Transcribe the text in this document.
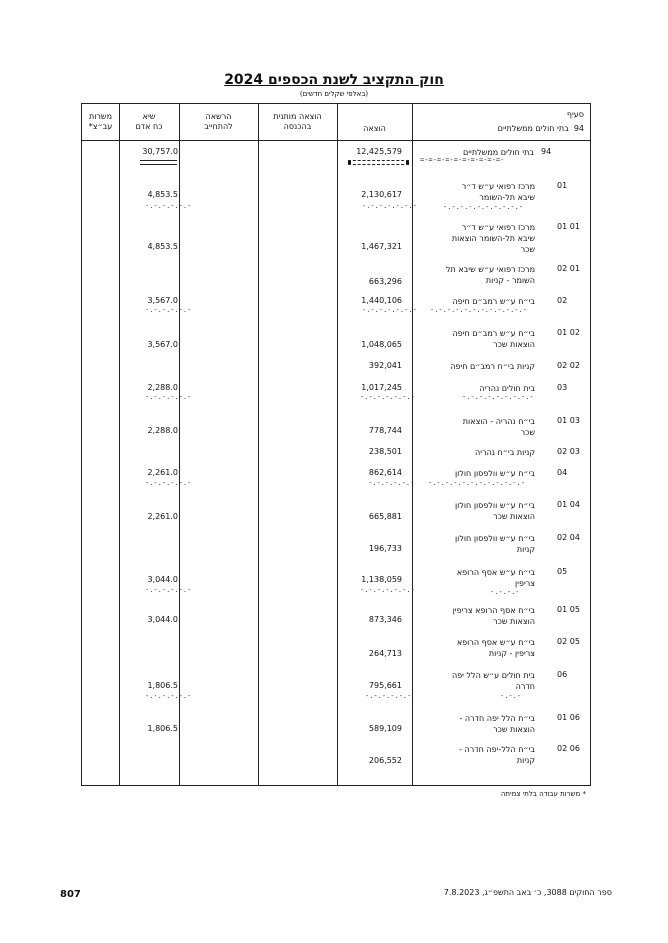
חוק התקציב לשנת הכספים 2024
(באלפי שקלים חדשים)
משרות
עב״צ*
שיא
כח אדם
הרשאה
להתחייב
הוצאה מותנית
בהכנסה	הוצאה
סעיף
94  בתי חולים ממשלתיים
94
בתי חולים ממשלתיים
=-=-=-=-=-=-=-=-=-=-
12,425,579
30,757.0
01
מרכז רפואי ע״ש ד״ר
שיבא תל-השומר
-.-.-.-.-.-.-.-.-.-
2,130,617
-.-.-.-.-.-.-
4,853.5
-.-.-.-.-.-
01 01
מרכז רפואי ע״ש ד״ר
שיבא תל-השומר הוצאות
שכר
1,467,321
4,853.5
02 01
מרכז רפואי ע״ש שיבא תל
השומר - קניות
663,296
02
בי״ח ע״ש רמב״ם חיפה
-.-.-.-.-.-.-.-.-.-.-.-
1,440,106
-.-.-.-.-.-.-
3,567.0
-.-.-.-.-.-
01 02
בי״ח ע״ש רמב״ם חיפה
הוצאות שכר
1,048,065
3,567.0
02 02
קניות בי״ח רמב״ם חיפה
392,041
03
בית חולים נהריה
-.-.-.-.-.-.-.-.-
1,017,245
-.-.-.-.-.-.-
2,288.0
-.-.-.-.-.-
01 03
בי״ח נהריה - הוצאות
שכר
778,744
2,288.0
02 03
קניות בי״ח נהריה
238,501
04
בי״ח ע״ש וולפסון חולון
-.-.-.-.-.-.-.-.-.-.-.-
862,614
-.-.-.-.-.-
2,261.0
-.-.-.-.-.-
01 04
בי״ח ע״ש וולפסון חולון
הוצאות שכר
665,881
2,261.0
02 04
בי״ח ע״ש וולפסון חולון
קניות
196,733
05
בי״ח ע״ש אסף הרופא
צריפין
-.-.-.-
1,138,059
-.-.-.-.-.-.-
3,044.0
-.-.-.-.-.-
01 05
בי״ח אסף הרופא צריפין
הוצאות שכר
873,346
3,044.0
02 05
בי״ח ע״ש אסף הרופא
צריפין - קניות
264,713
06
בית חולים ע״ש הלל יפה
חדרה
-.-.-
795,661
-.-.-.-.-.-
1,806.5
-.-.-.-.-.-
01 06
בי״ח הלל יפה חדרה -
הוצאות שכר
589,109
1,806.5
02 06
בי״ח הלל-יפה חדרה -
קניות
206,552
* משרות עבודה בלתי צמיתה
807	ספר החוקים 3088, כ׳ באב התשפ״ג, 7.8.2023
